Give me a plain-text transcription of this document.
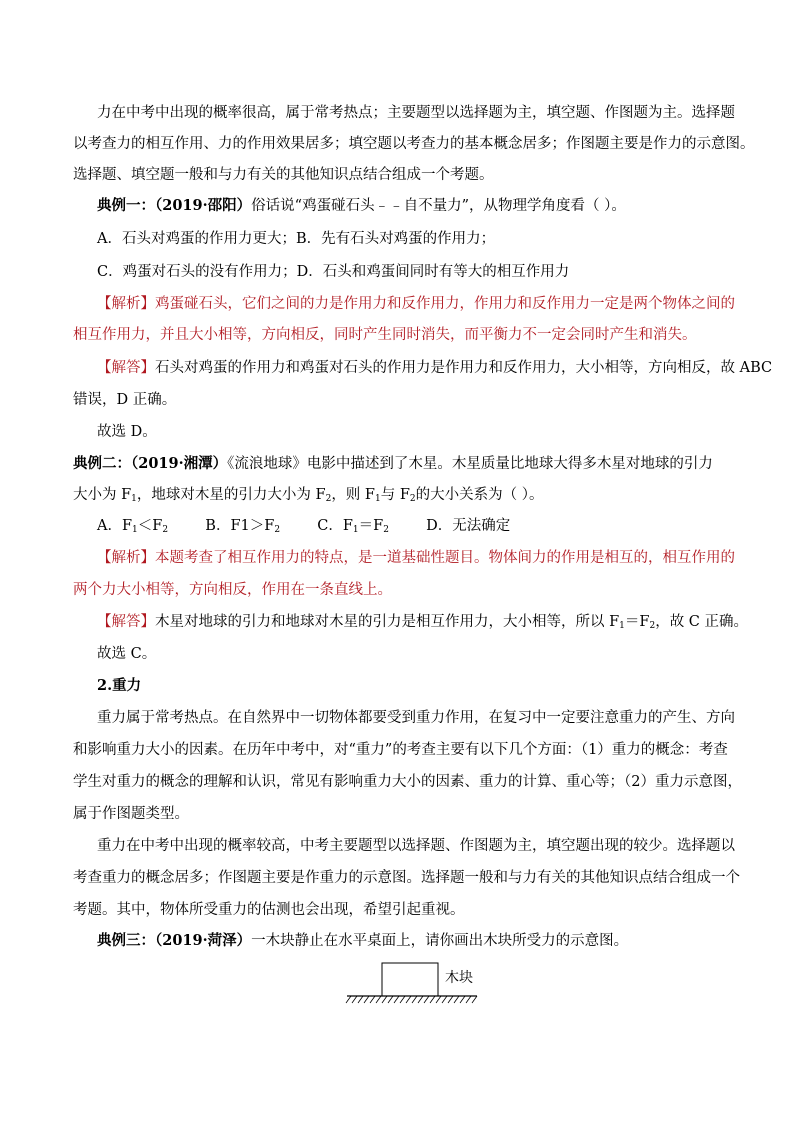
力在中考中出现的概率很高，属于常考热点；主要题型以选择题为主，填空题、作图题为主。选择题
以考查力的相互作用、力的作用效果居多；填空题以考查力的基本概念居多；作图题主要是作力的示意图。
选择题、填空题一般和与力有关的其他知识点结合组成一个考题。
典例一：（2019·邵阳）俗话说“鸡蛋碰石头﹣﹣自不量力”，从物理学角度看（ ）。
A．石头对鸡蛋的作用力更大；B．先有石头对鸡蛋的作用力；
C．鸡蛋对石头的没有作用力；D．石头和鸡蛋间同时有等大的相互作用力
【解析】鸡蛋碰石头，它们之间的力是作用力和反作用力，作用力和反作用力一定是两个物体之间的
相互作用力，并且大小相等，方向相反，同时产生同时消失，而平衡力不一定会同时产生和消失。
【解答】石头对鸡蛋的作用力和鸡蛋对石头的作用力是作用力和反作用力，大小相等，方向相反，故 ABC
错误，D 正确。
故选 D。
典例二：（2019·湘潭）《流浪地球》电影中描述到了木星。木星质量比地球大得多木星对地球的引力
大小为 $F_1$，地球对木星的引力大小为 $F_2$，则 $F_1$与 $F_2$的大小关系为（ ）。
A．$F_1<F_2$	B．$F1>F_2$	C．$F_1=F_2$	D．无法确定
【解析】本题考查了相互作用力的特点，是一道基础性题目。物体间力的作用是相互的，相互作用的
两个力大小相等，方向相反，作用在一条直线上。
【解答】木星对地球的引力和地球对木星的引力是相互作用力，大小相等，所以 $F_1=F_2$，故 C 正确。
故选 C。
2.重力
重力属于常考热点。在自然界中一切物体都要受到重力作用，在复习中一定要注意重力的产生、方向
和影响重力大小的因素。在历年中考中，对“重力”的考查主要有以下几个方面：（1）重力的概念：考查
学生对重力的概念的理解和认识，常见有影响重力大小的因素、重力的计算、重心等；（2）重力示意图，
属于作图题类型。
重力在中考中出现的概率较高，中考主要题型以选择题、作图题为主，填空题出现的较少。选择题以
考查重力的概念居多；作图题主要是作重力的示意图。选择题一般和与力有关的其他知识点结合组成一个
考题。其中，物体所受重力的估测也会出现，希望引起重视。
典例三：（2019·菏泽）一木块静止在水平桌面上，请你画出木块所受力的示意图。
木块
